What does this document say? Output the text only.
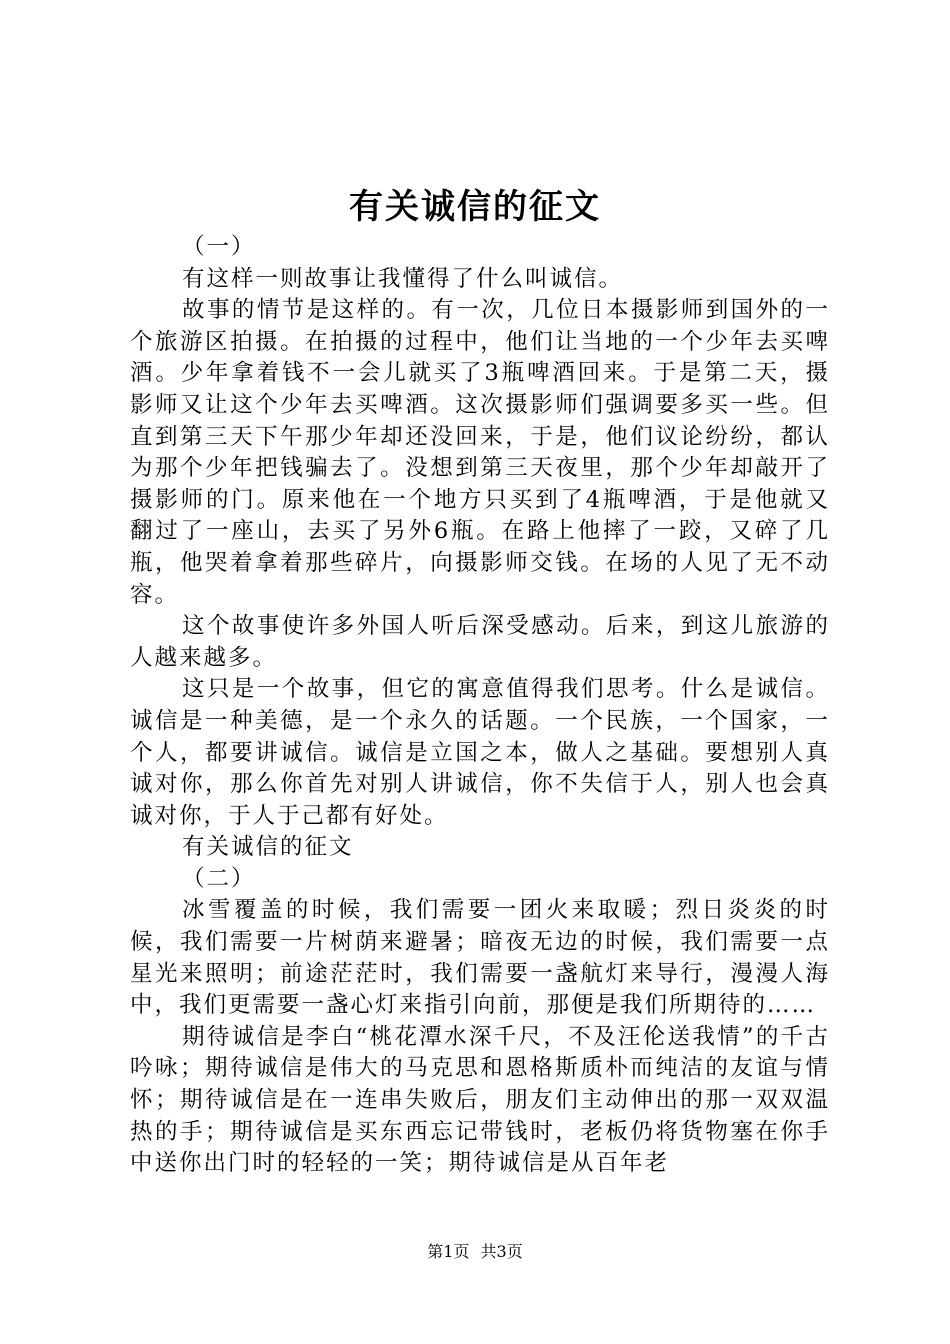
有关诚信的征文

（一）

有这样一则故事让我懂得了什么叫诚信。

故事的情节是这样的。有一次，几位日本摄影师到国外的一个旅游区拍摄。在拍摄的过程中，他们让当地的一个少年去买啤酒。少年拿着钱不一会儿就买了3瓶啤酒回来。于是第二天，摄影师又让这个少年去买啤酒。这次摄影师们强调要多买一些。但直到第三天下午那少年却还没回来，于是，他们议论纷纷，都认为那个少年把钱骗去了。没想到第三天夜里，那个少年却敲开了摄影师的门。原来他在一个地方只买到了4瓶啤酒，于是他就又翻过了一座山，去买了另外6瓶。在路上他摔了一跤，又碎了几瓶，他哭着拿着那些碎片，向摄影师交钱。在场的人见了无不动容。

这个故事使许多外国人听后深受感动。后来，到这儿旅游的人越来越多。

这只是一个故事，但它的寓意值得我们思考。什么是诚信。诚信是一种美德，是一个永久的话题。一个民族，一个国家，一个人，都要讲诚信。诚信是立国之本，做人之基础。要想别人真诚对你，那么你首先对别人讲诚信，你不失信于人，别人也会真诚对你，于人于己都有好处。

有关诚信的征文

（二）

冰雪覆盖的时候，我们需要一团火来取暖；烈日炎炎的时候，我们需要一片树荫来避暑；暗夜无边的时候，我们需要一点星光来照明；前途茫茫时，我们需要一盏航灯来导行，漫漫人海中，我们更需要一盏心灯来指引向前，那便是我们所期待的……

期待诚信是李白“桃花潭水深千尺，不及汪伦送我情”的千古吟咏；期待诚信是伟大的马克思和恩格斯质朴而纯洁的友谊与情怀；期待诚信是在一连串失败后，朋友们主动伸出的那一双双温热的手；期待诚信是买东西忘记带钱时，老板仍将货物塞在你手中送你出门时的轻轻的一笑；期待诚信是从百年老

第1页 共3页
